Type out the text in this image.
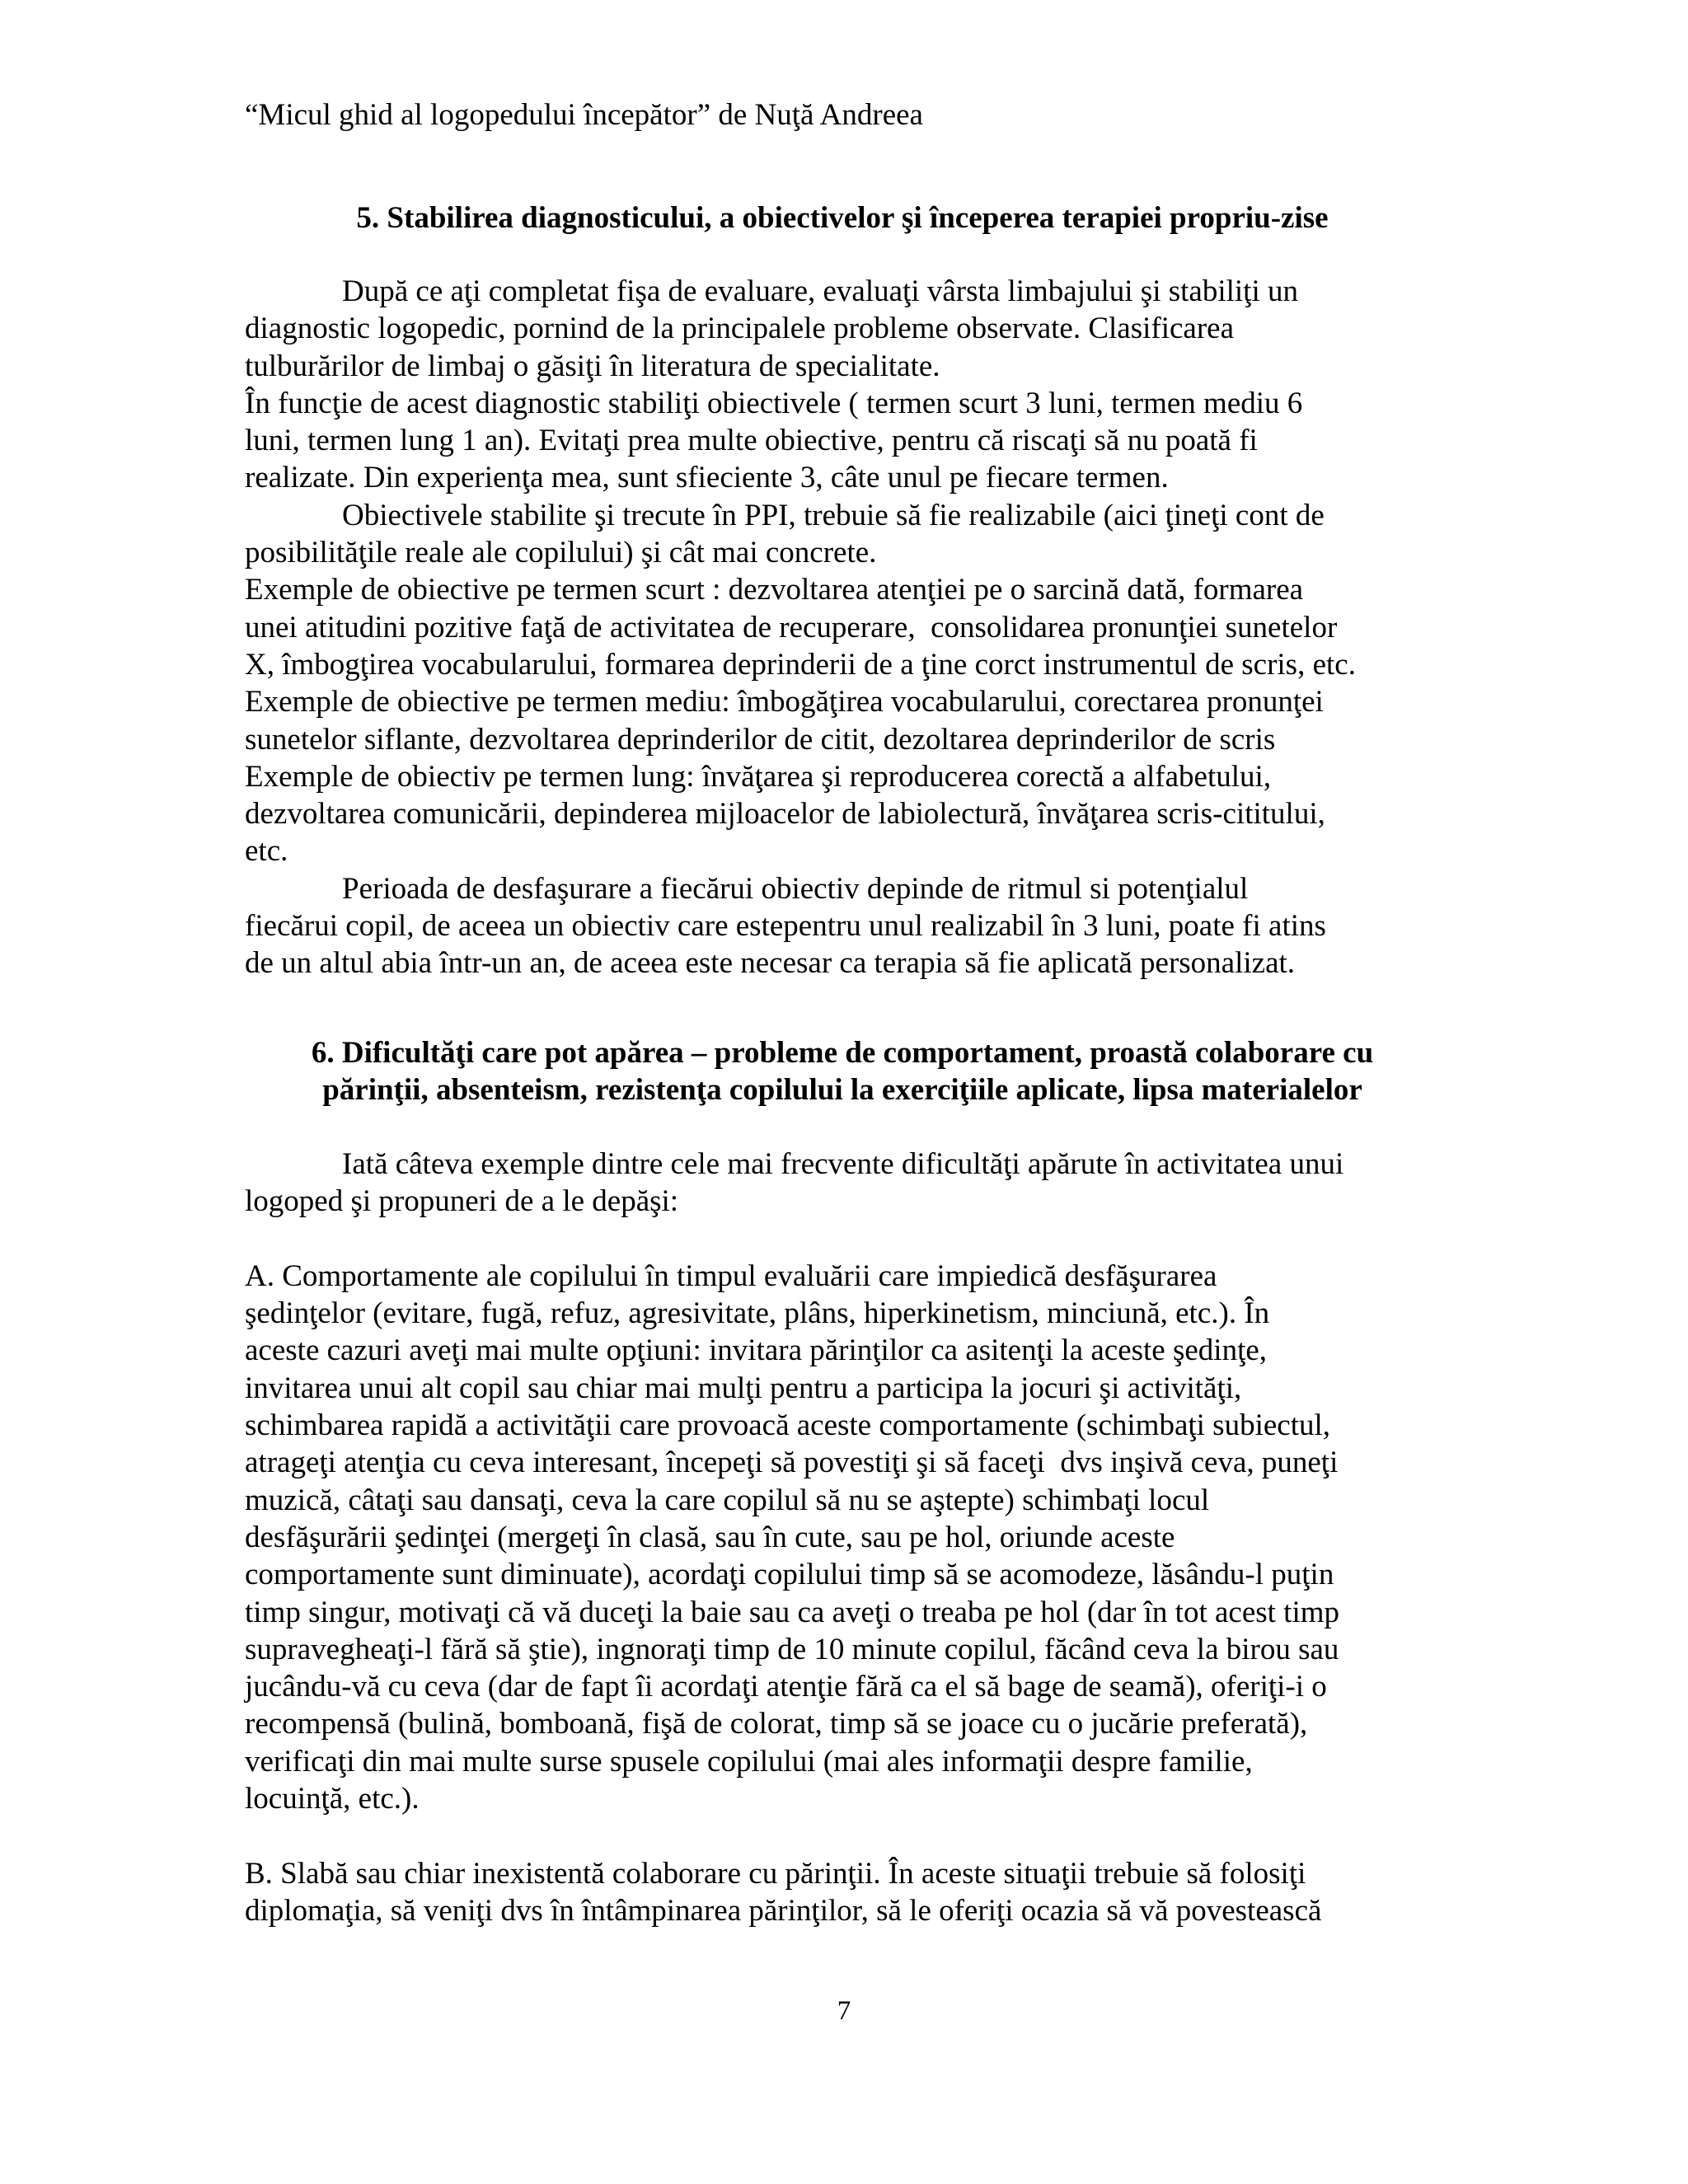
“Micul ghid al logopedului începător” de Nuţă Andreea
5. Stabilirea diagnosticului, a obiectivelor şi începerea terapiei propriu-zise
După ce aţi completat fişa de evaluare, evaluaţi vârsta limbajului şi stabiliţi un
diagnostic logopedic, pornind de la principalele probleme observate. Clasificarea
tulburărilor de limbaj o găsiţi în literatura de specialitate.
În funcţie de acest diagnostic stabiliţi obiectivele ( termen scurt 3 luni, termen mediu 6
luni, termen lung 1 an). Evitaţi prea multe obiective, pentru că riscaţi să nu poată fi
realizate. Din experienţa mea, sunt sfieciente 3, câte unul pe fiecare termen.
Obiectivele stabilite şi trecute în PPI, trebuie să fie realizabile (aici ţineţi cont de
posibilităţile reale ale copilului) şi cât mai concrete.
Exemple de obiective pe termen scurt : dezvoltarea atenţiei pe o sarcină dată, formarea
unei atitudini pozitive faţă de activitatea de recuperare,  consolidarea pronunţiei sunetelor
X, îmbogţirea vocabularului, formarea deprinderii de a ţine corct instrumentul de scris, etc.
Exemple de obiective pe termen mediu: îmbogăţirea vocabularului, corectarea pronunţei
sunetelor siflante, dezvoltarea deprinderilor de citit, dezoltarea deprinderilor de scris
Exemple de obiectiv pe termen lung: învăţarea şi reproducerea corectă a alfabetului,
dezvoltarea comunicării, depinderea mijloacelor de labiolectură, învăţarea scris-cititului,
etc.
Perioada de desfaşurare a fiecărui obiectiv depinde de ritmul si potenţialul
fiecărui copil, de aceea un obiectiv care estepentru unul realizabil în 3 luni, poate fi atins
de un altul abia într-un an, de aceea este necesar ca terapia să fie aplicată personalizat.
6. Dificultăţi care pot apărea – probleme de comportament, proastă colaborare cu
părinţii, absenteism, rezistenţa copilului la exerciţiile aplicate, lipsa materialelor
Iată câteva exemple dintre cele mai frecvente dificultăţi apărute în activitatea unui
logoped şi propuneri de a le depăşi:
A. Comportamente ale copilului în timpul evaluării care impiedică desfăşurarea
şedinţelor (evitare, fugă, refuz, agresivitate, plâns, hiperkinetism, minciună, etc.). În
aceste cazuri aveţi mai multe opţiuni: invitara părinţilor ca asitenţi la aceste şedinţe,
invitarea unui alt copil sau chiar mai mulţi pentru a participa la jocuri şi activităţi,
schimbarea rapidă a activităţii care provoacă aceste comportamente (schimbaţi subiectul,
atrageţi atenţia cu ceva interesant, începeţi să povestiţi şi să faceţi  dvs inşivă ceva, puneţi
muzică, câtaţi sau dansaţi, ceva la care copilul să nu se aştepte) schimbaţi locul
desfăşurării şedinţei (mergeţi în clasă, sau în cute, sau pe hol, oriunde aceste
comportamente sunt diminuate), acordaţi copilului timp să se acomodeze, lăsându-l puţin
timp singur, motivaţi că vă duceţi la baie sau ca aveţi o treaba pe hol (dar în tot acest timp
supravegheaţi-l fără să ştie), ingnoraţi timp de 10 minute copilul, făcând ceva la birou sau
jucându-vă cu ceva (dar de fapt îi acordaţi atenţie fără ca el să bage de seamă), oferiţi-i o
recompensă (bulină, bomboană, fişă de colorat, timp să se joace cu o jucărie preferată),
verificaţi din mai multe surse spusele copilului (mai ales informaţii despre familie,
locuinţă, etc.).
B. Slabă sau chiar inexistentă colaborare cu părinţii. În aceste situaţii trebuie să folosiţi
diplomaţia, să veniţi dvs în întâmpinarea părinţilor, să le oferiţi ocazia să vă povestească
7
